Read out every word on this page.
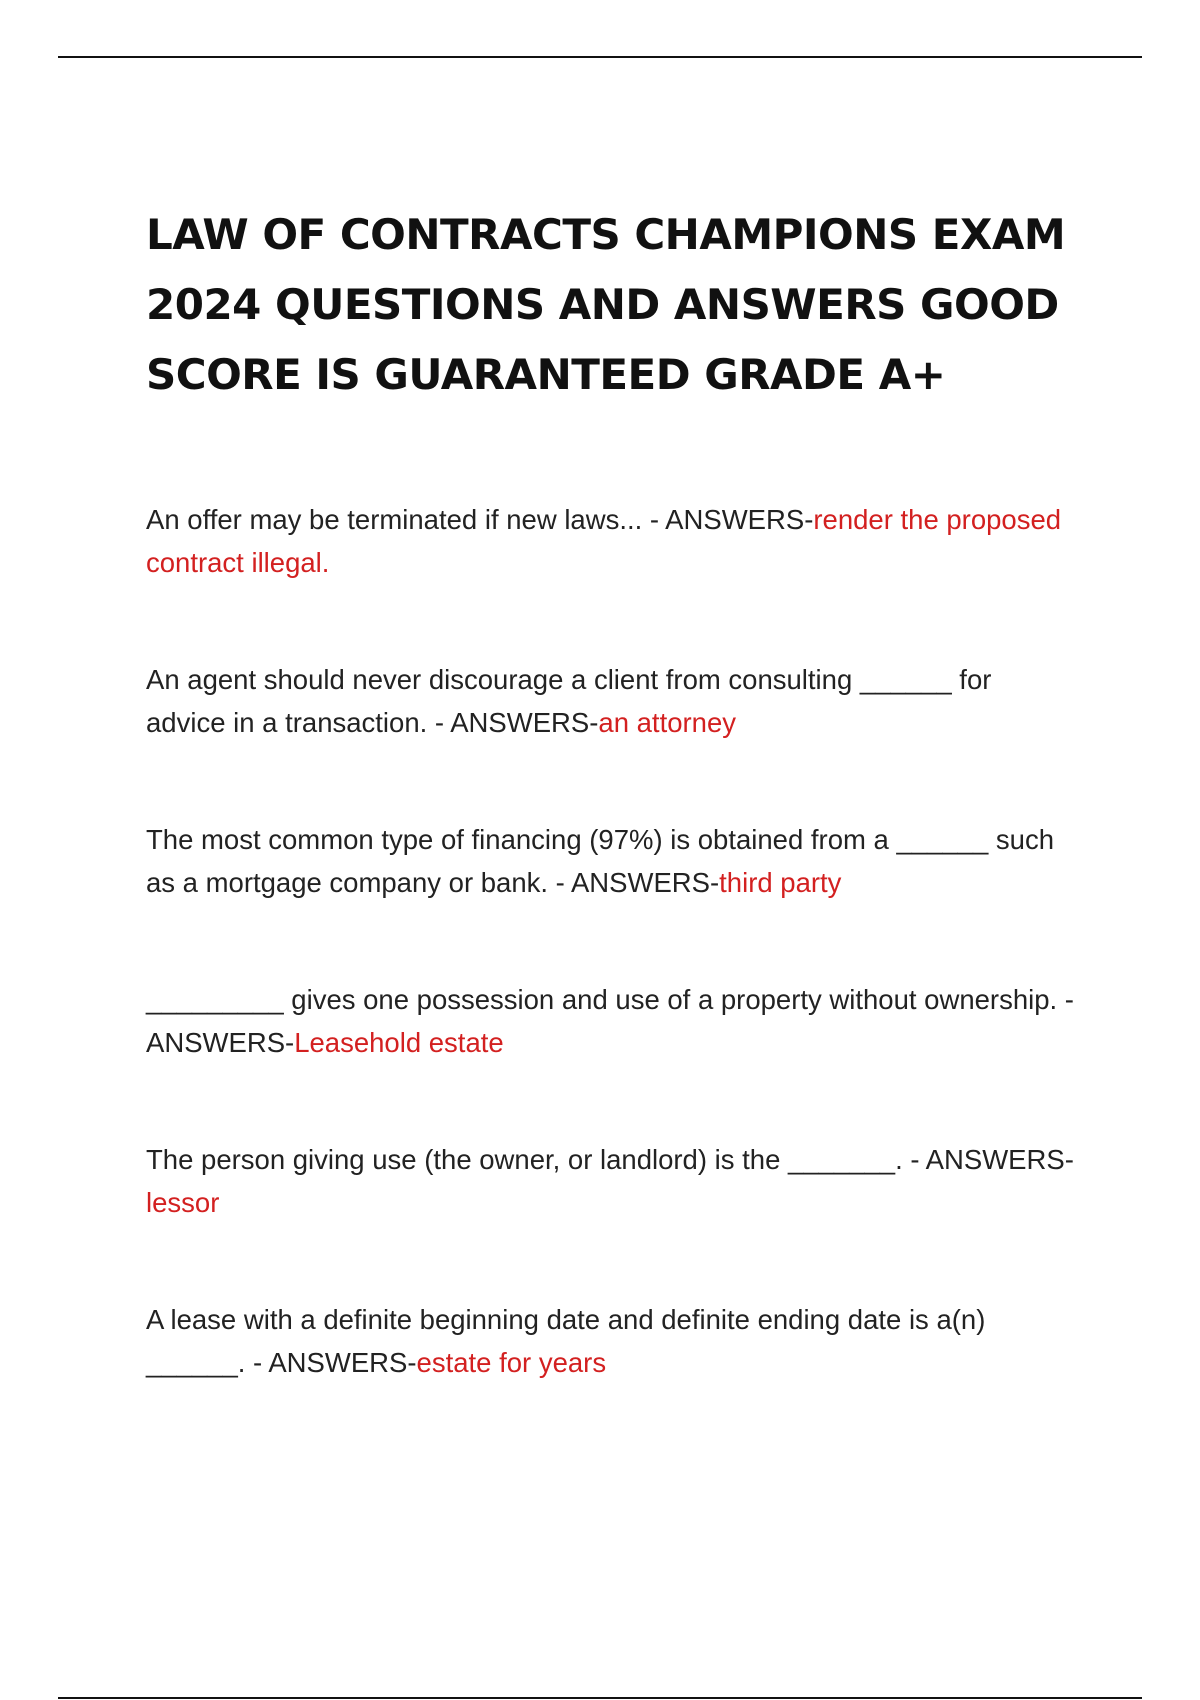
LAW OF CONTRACTS CHAMPIONS EXAM 2024 QUESTIONS AND ANSWERS GOOD SCORE IS GUARANTEED GRADE A+
An offer may be terminated if new laws... - ANSWERS-render the proposed contract illegal.
An agent should never discourage a client from consulting ______ for advice in a transaction. - ANSWERS-an attorney
The most common type of financing (97%) is obtained from a ______ such as a mortgage company or bank. - ANSWERS-third party
_________ gives one possession and use of a property without ownership. - ANSWERS-Leasehold estate
The person giving use (the owner, or landlord) is the _______. - ANSWERS-lessor
A lease with a definite beginning date and definite ending date is a(n) ______. - ANSWERS-estate for years
